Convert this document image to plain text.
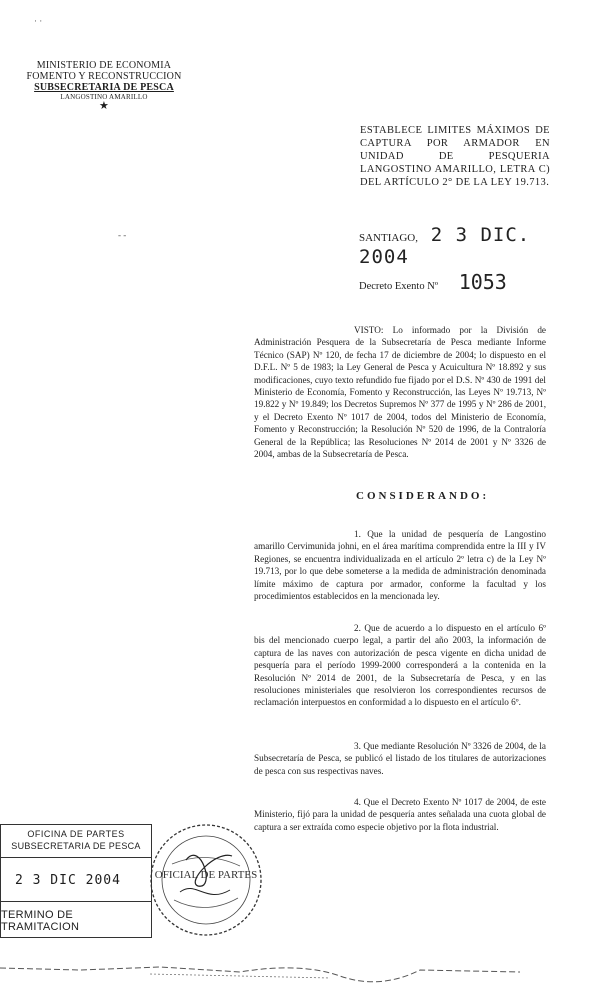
MINISTERIO DE ECONOMIA
FOMENTO Y RECONSTRUCCION
SUBSECRETARIA DE PESCA
LANGOSTINO AMARILLO
★
· ·
- -
ESTABLECE LIMITES MÁXIMOS DE CAPTURA POR ARMADOR EN UNIDAD DE PESQUERIA LANGOSTINO AMARILLO, LETRA C) DEL ARTÍCULO 2° DE LA LEY 19.713.
SANTIAGO, 2 3 DIC. 2004
Decreto Exento Nº 1053
VISTO: Lo informado por la División de Administración Pesquera de la Subsecretaría de Pesca mediante Informe Técnico (SAP) Nº 120, de fecha 17 de diciembre de 2004; lo dispuesto en el D.F.L. Nº 5 de 1983; la Ley General de Pesca y Acuicultura Nº 18.892 y sus modificaciones, cuyo texto refundido fue fijado por el D.S. Nº 430 de 1991 del Ministerio de Economía, Fomento y Reconstrucción, las Leyes Nº 19.713, Nº 19.822 y Nº 19.849; los Decretos Supremos Nº 377 de 1995 y Nº 286 de 2001, y el Decreto Exento Nº 1017 de 2004, todos del Ministerio de Economía, Fomento y Reconstrucción; la Resolución Nº 520 de 1996, de la Contraloría General de la República; las Resoluciones Nº 2014 de 2001 y Nº 3326 de 2004, ambas de la Subsecretaría de Pesca.
CONSIDERANDO:
1. Que la unidad de pesquería de Langostino amarillo Cervimunida johni, en el área marítima comprendida entre la III y IV Regiones, se encuentra individualizada en el artículo 2º letra c) de la Ley Nº 19.713, por lo que debe someterse a la medida de administración denominada límite máximo de captura por armador, conforme la facultad y los procedimientos establecidos en la mencionada ley.
2. Que de acuerdo a lo dispuesto en el artículo 6º bis del mencionado cuerpo legal, a partir del año 2003, la información de captura de las naves con autorización de pesca vigente en dicha unidad de pesquería para el período 1999-2000 corresponderá a la contenida en la Resolución Nº 2014 de 2001, de la Subsecretaría de Pesca, y en las resoluciones ministeriales que resolvieron los correspondientes recursos de reclamación interpuestos en conformidad a lo dispuesto en el artículo 6º.
3. Que mediante Resolución Nº 3326 de 2004, de la Subsecretaría de Pesca, se publicó el listado de los titulares de autorizaciones de pesca con sus respectivas naves.
4. Que el Decreto Exento Nº 1017 de 2004, de este Ministerio, fijó para la unidad de pesquería antes señalada una cuota global de captura a ser extraída como especie objetivo por la flota industrial.
OFICINA DE PARTES
SUBSECRETARIA DE PESCA
2 3 DIC 2004
TERMINO DE TRAMITACION
OFICIAL DE PARTES
